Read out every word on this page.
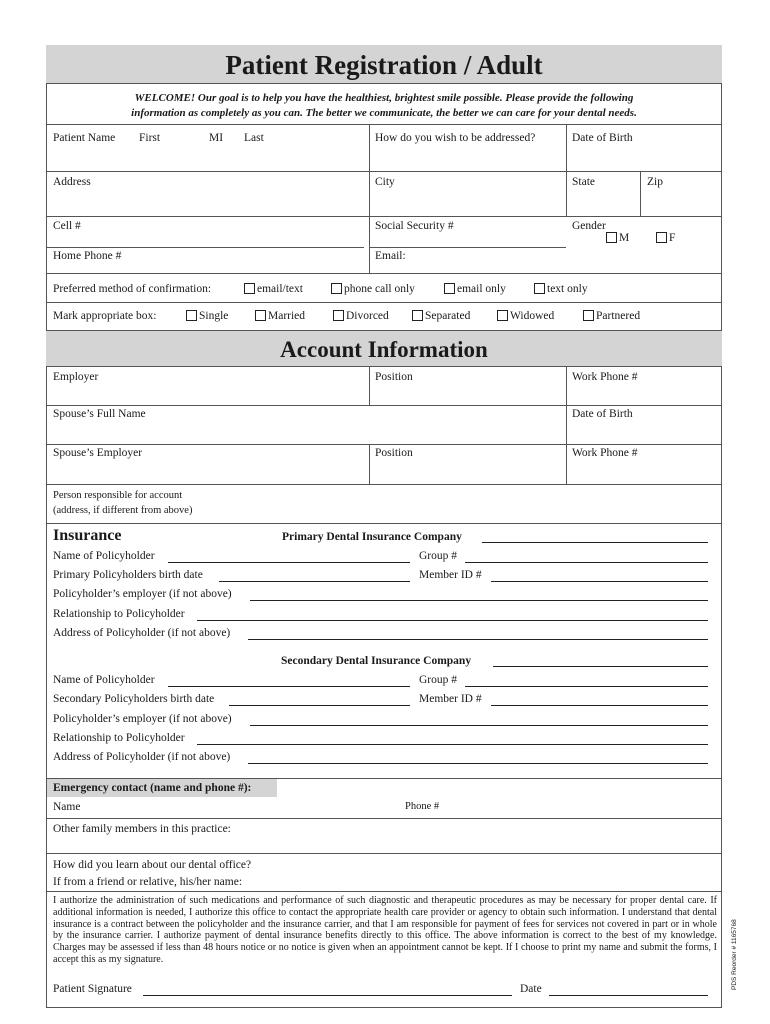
Patient Registration / Adult
WELCOME! Our goal is to help you have the healthiest, brightest smile possible. Please provide the following
information as completely as you can. The better we communicate, the better we can care for your dental needs.
Patient Name First	MI Last	How do you wish to be addressed?	Date of Birth
Address	City	State	Zip
Cell #	Social Security #	Gender
M	F
Home Phone #	Email:
Preferred method of confirmation:	email/text	phone call only	email only	text only
Mark appropriate box:	Single	Married	Divorced	Separated	Widowed	Partnered
Account Information
Employer	Position	Work Phone #
Spouse’s Full Name	Date of Birth
Spouse’s Employer	Position	Work Phone #
Person responsible for account
(address, if different from above)
Insurance	Primary Dental Insurance Company
Name of Policyholder	Group #
Primary Policyholders birth date	Member ID #
Policyholder’s employer (if not above)
Relationship to Policyholder
Address of Policyholder (if not above)
Secondary Dental Insurance Company
Name of Policyholder	Group #
Secondary Policyholders birth date	Member ID #
Policyholder’s employer (if not above)
Relationship to Policyholder
Address of Policyholder (if not above)
Emergency contact (name and phone #):
Name	Phone #
Other family members in this practice:
How did you learn about our dental office?
If from a friend or relative, his/her name:
I authorize the administration of such medications and performance of such diagnostic and therapeutic procedures as may be necessary for proper dental care. If additional information is needed, I authorize this office to contact the appropriate health care provider or agency to obtain such information. I understand that dental insurance is a contract between the policyholder and the insurance carrier, and that I am responsible for payment of fees for services not covered in part or in whole by the insurance carrier. I authorize payment of dental insurance benefits directly to this office. The above information is correct to the best of my knowledge. Charges may be assessed if less than 48 hours notice or no notice is given when an appointment cannot be kept. If I choose to print my name and submit the forms, I accept this as my signature.
Patient Signature	Date	PDS Reorder # 1165768
